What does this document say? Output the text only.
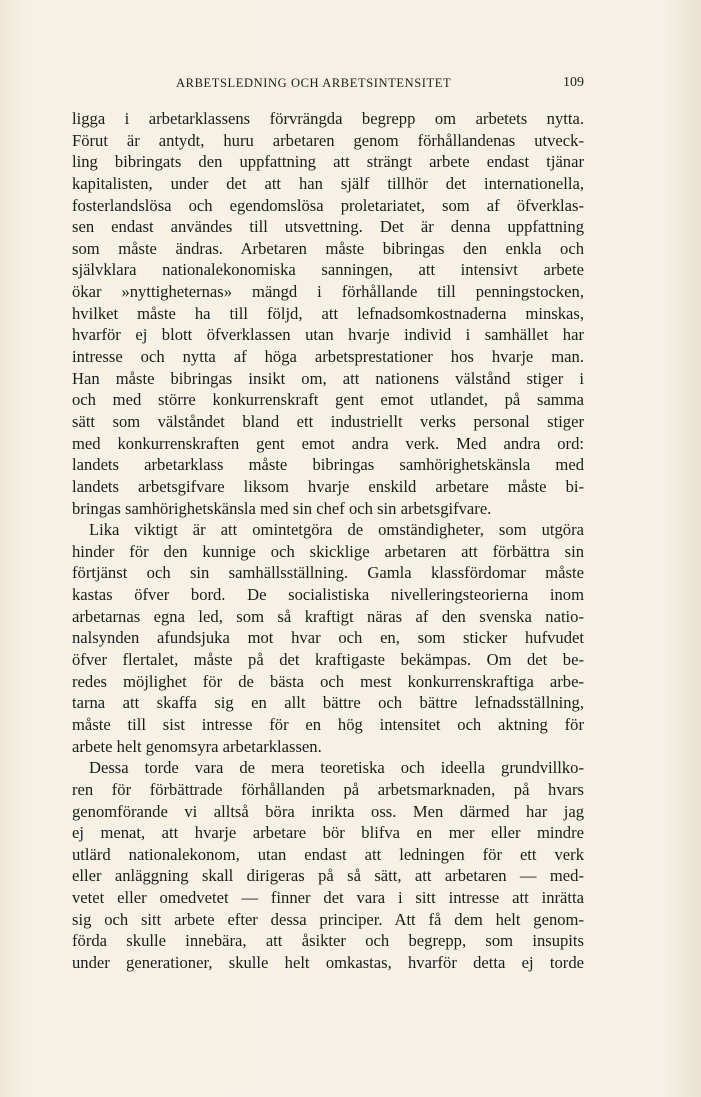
ARBETSLEDNING OCH ARBETSINTENSITET	109
ligga i arbetarklassens förvrängda begrepp om arbetets nytta.
Förut är antydt, huru arbetaren genom förhållandenas utveck-
ling bibringats den uppfattning att strängt arbete endast tjänar
kapitalisten, under det att han själf tillhör det internationella,
fosterlandslösa och egendomslösa proletariatet, som af öfverklas-
sen endast användes till utsvettning. Det är denna uppfattning
som måste ändras. Arbetaren måste bibringas den enkla och
självklara nationalekonomiska sanningen, att intensivt arbete
ökar »nyttigheternas» mängd i förhållande till penningstocken,
hvilket måste ha till följd, att lefnadsomkostnaderna minskas,
hvarför ej blott öfverklassen utan hvarje individ i samhället har
intresse och nytta af höga arbetsprestationer hos hvarje man.
Han måste bibringas insikt om, att nationens välstånd stiger i
och med större konkurrenskraft gent emot utlandet, på samma
sätt som välståndet bland ett industriellt verks personal stiger
med konkurrenskraften gent emot andra verk. Med andra ord:
landets arbetarklass måste bibringas samhörighetskänsla med
landets arbetsgifvare liksom hvarje enskild arbetare måste bi-
bringas samhörighetskänsla med sin chef och sin arbetsgifvare.
Lika viktigt är att omintetgöra de omständigheter, som utgöra
hinder för den kunnige och skicklige arbetaren att förbättra sin
förtjänst och sin samhällsställning. Gamla klassfördomar måste
kastas öfver bord. De socialistiska nivelleringsteorierna inom
arbetarnas egna led, som så kraftigt näras af den svenska natio-
nalsynden afundsjuka mot hvar och en, som sticker hufvudet
öfver flertalet, måste på det kraftigaste bekämpas. Om det be-
redes möjlighet för de bästa och mest konkurrenskraftiga arbe-
tarna att skaffa sig en allt bättre och bättre lefnadsställning,
måste till sist intresse för en hög intensitet och aktning för
arbete helt genomsyra arbetarklassen.
Dessa torde vara de mera teoretiska och ideella grundvillko-
ren för förbättrade förhållanden på arbetsmarknaden, på hvars
genomförande vi alltså böra inrikta oss. Men därmed har jag
ej menat, att hvarje arbetare bör blifva en mer eller mindre
utlärd nationalekonom, utan endast att ledningen för ett verk
eller anläggning skall dirigeras på så sätt, att arbetaren — med-
vetet eller omedvetet — finner det vara i sitt intresse att inrätta
sig och sitt arbete efter dessa principer. Att få dem helt genom-
förda skulle innebära, att åsikter och begrepp, som insupits
under generationer, skulle helt omkastas, hvarför detta ej torde
